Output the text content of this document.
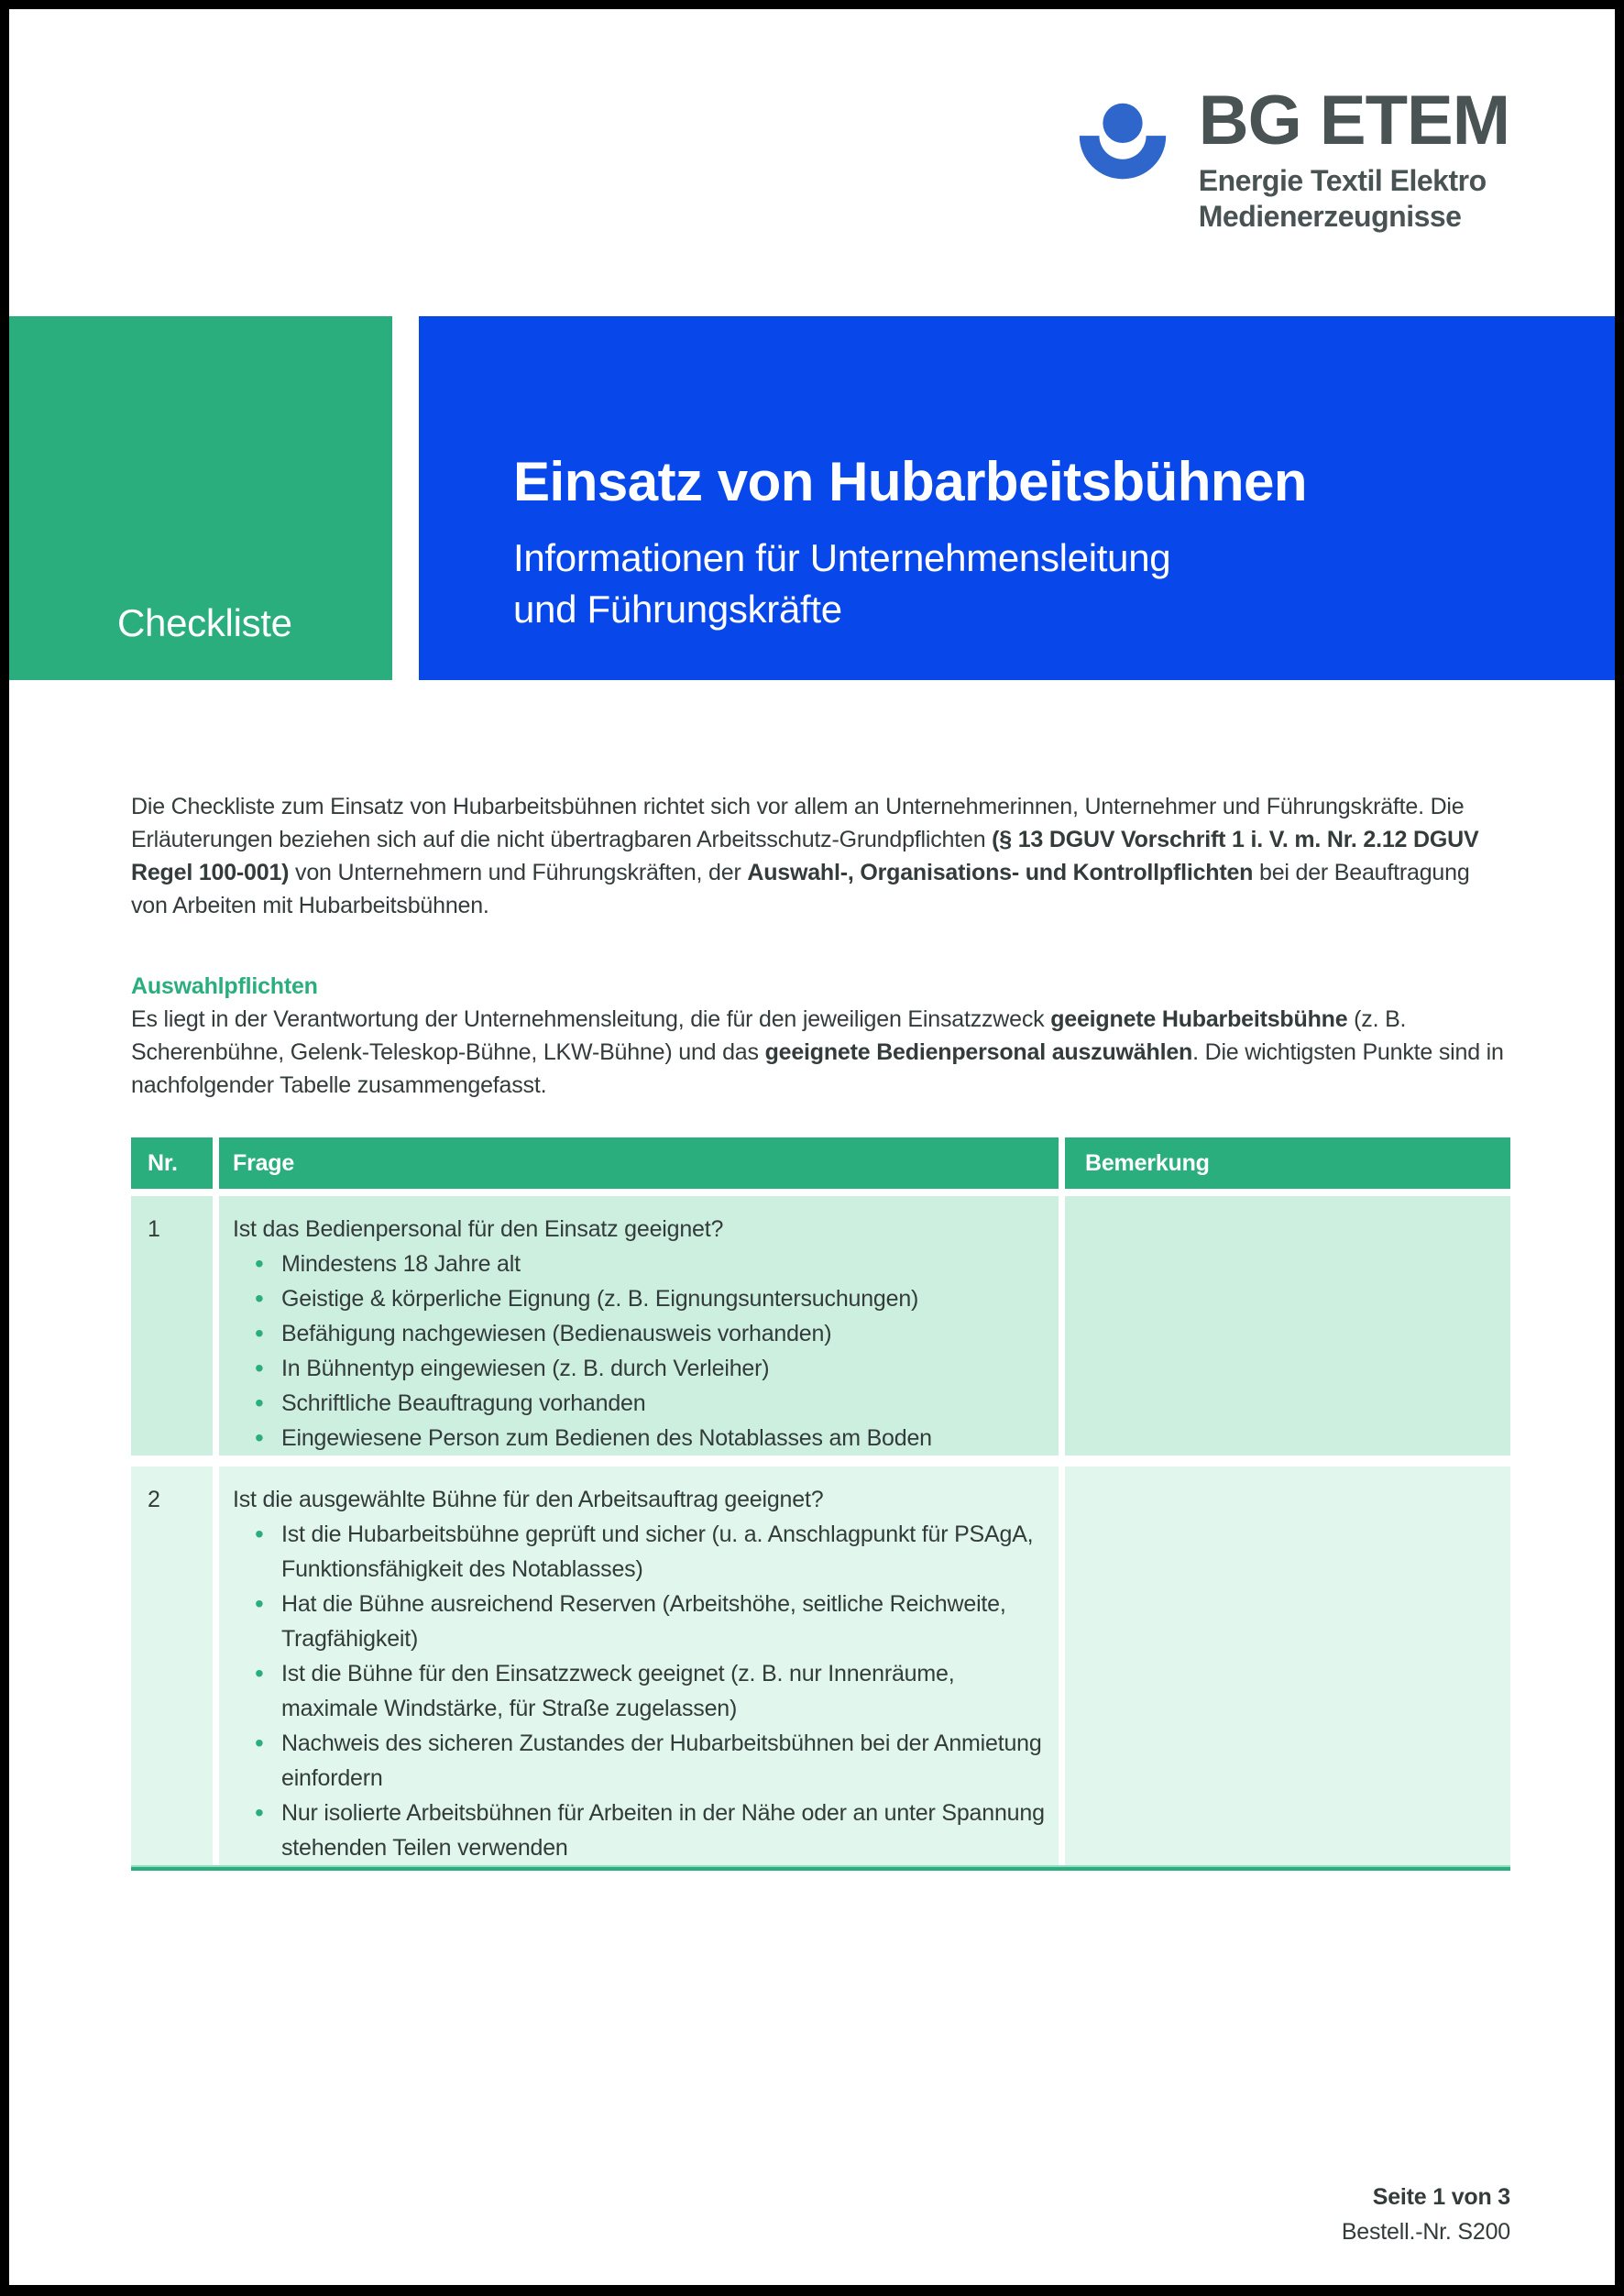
BG ETEM
Energie Textil Elektro
Medienerzeugnisse
Checkliste
Einsatz von Hubarbeitsbühnen
Informationen für Unternehmensleitung
und Führungskräfte

Die Checkliste zum Einsatz von Hubarbeitsbühnen richtet sich vor allem an Unternehmerinnen, Unternehmer und Führungskräfte. Die Erläuterungen beziehen sich auf die nicht übertragbaren Arbeitsschutz-Grundpflichten (§ 13 DGUV Vorschrift 1 i. V. m. Nr. 2.12 DGUV Regel 100-001) von Unternehmern und Führungskräften, der Auswahl-, Organisations- und Kontrollpflichten bei der Beauftragung von Arbeiten mit Hubarbeitsbühnen.

Auswahlpflichten

Es liegt in der Verantwortung der Unternehmensleitung, die für den jeweiligen Einsatzzweck geeignete Hubarbeitsbühne (z. B. Scherenbühne, Gelenk-Teleskop-Bühne, LKW-Bühne) und das geeignete Bedienpersonal auszuwählen. Die wichtigsten Punkte sind in nachfolgender Tabelle zusammengefasst.

Nr.	Frage	Bemerkung
1	Ist das Bedienpersonal für den Einsatz geeignet?
• Mindestens 18 Jahre alt
• Geistige & körperliche Eignung (z. B. Eignungsuntersuchungen)
• Befähigung nachgewiesen (Bedienausweis vorhanden)
• In Bühnentyp eingewiesen (z. B. durch Verleiher)
• Schriftliche Beauftragung vorhanden
• Eingewiesene Person zum Bedienen des Notablasses am Boden
2	Ist die ausgewählte Bühne für den Arbeitsauftrag geeignet?
• Ist die Hubarbeitsbühne geprüft und sicher (u. a. Anschlagpunkt für PSAgA, Funktionsfähigkeit des Notablasses)
• Hat die Bühne ausreichend Reserven (Arbeitshöhe, seitliche Reichweite, Tragfähigkeit)
• Ist die Bühne für den Einsatzzweck geeignet (z. B. nur Innenräume, maximale Windstärke, für Straße zugelassen)
• Nachweis des sicheren Zustandes der Hubarbeitsbühnen bei der Anmietung einfordern
• Nur isolierte Arbeitsbühnen für Arbeiten in der Nähe oder an unter Spannung stehenden Teilen verwenden
Seite 1 von 3
Bestell.-Nr. S200
